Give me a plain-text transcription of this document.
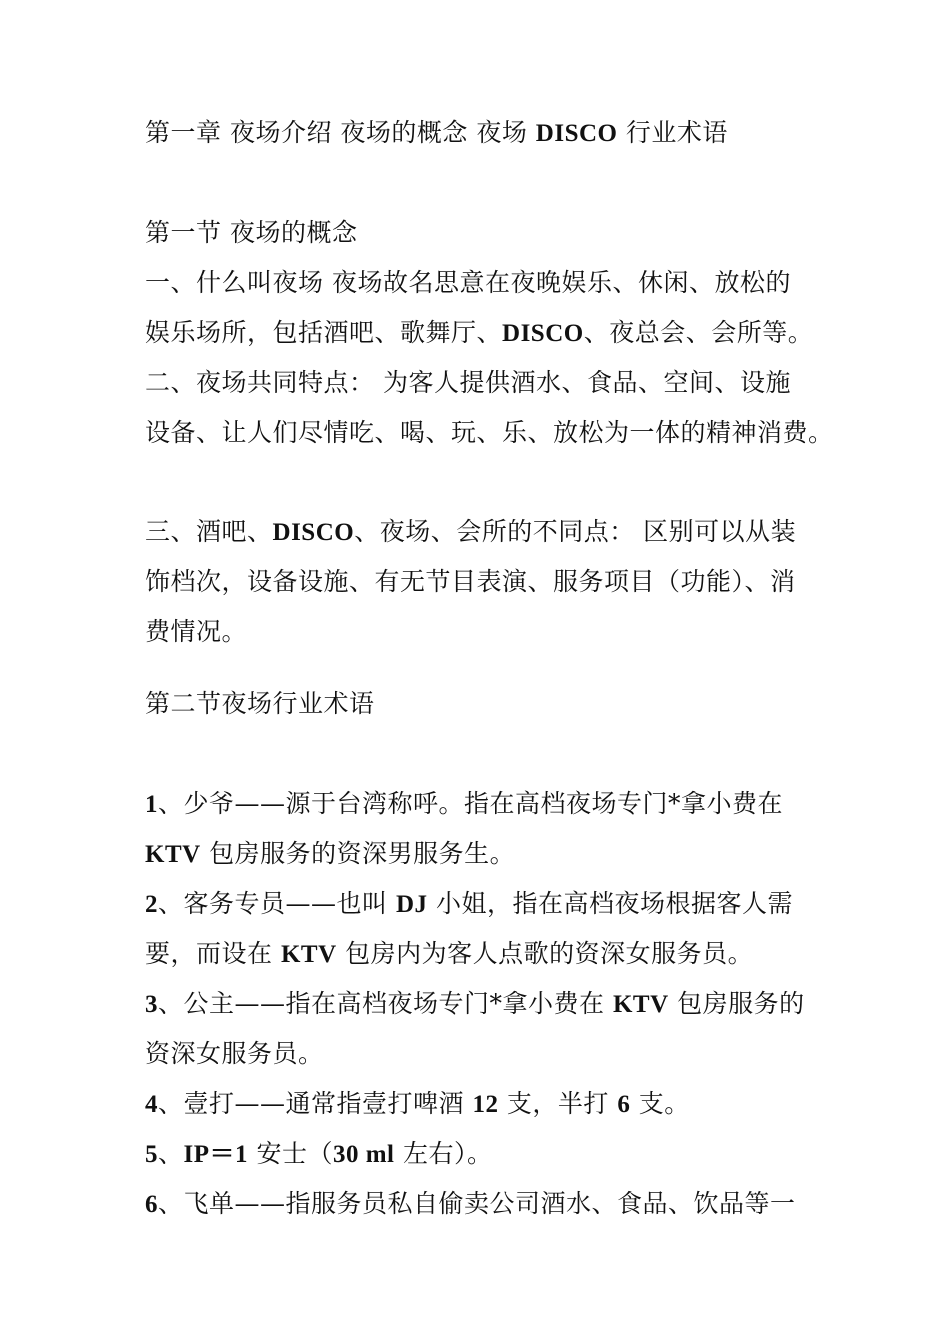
第一章 夜场介绍 夜场的概念 夜场 DISCO 行业术语
第一节 夜场的概念
一、什么叫夜场 夜场故名思意在夜晚娱乐、休闲、放松的
娱乐场所，包括酒吧、歌舞厅、DISCO、夜总会、会所等。
二、夜场共同特点： 为客人提供酒水、食品、空间、设施
设备、让人们尽情吃、喝、玩、乐、放松为一体的精神消费。
三、酒吧、DISCO、夜场、会所的不同点： 区别可以从装
饰档次，设备设施、有无节目表演、服务项目（功能）、消
费情况。
第二节夜场行业术语
1、少爷——源于台湾称呼。指在高档夜场专门*拿小费在
KTV 包房服务的资深男服务生。
2、客务专员——也叫 DJ 小姐，指在高档夜场根据客人需
要，而设在 KTV 包房内为客人点歌的资深女服务员。
3、公主——指在高档夜场专门*拿小费在 KTV 包房服务的
资深女服务员。
4、壹打——通常指壹打啤酒 12 支，半打 6 支。
5、IP＝1 安士（30 ml 左右）。
6、飞单——指服务员私自偷卖公司酒水、食品、饮品等一
